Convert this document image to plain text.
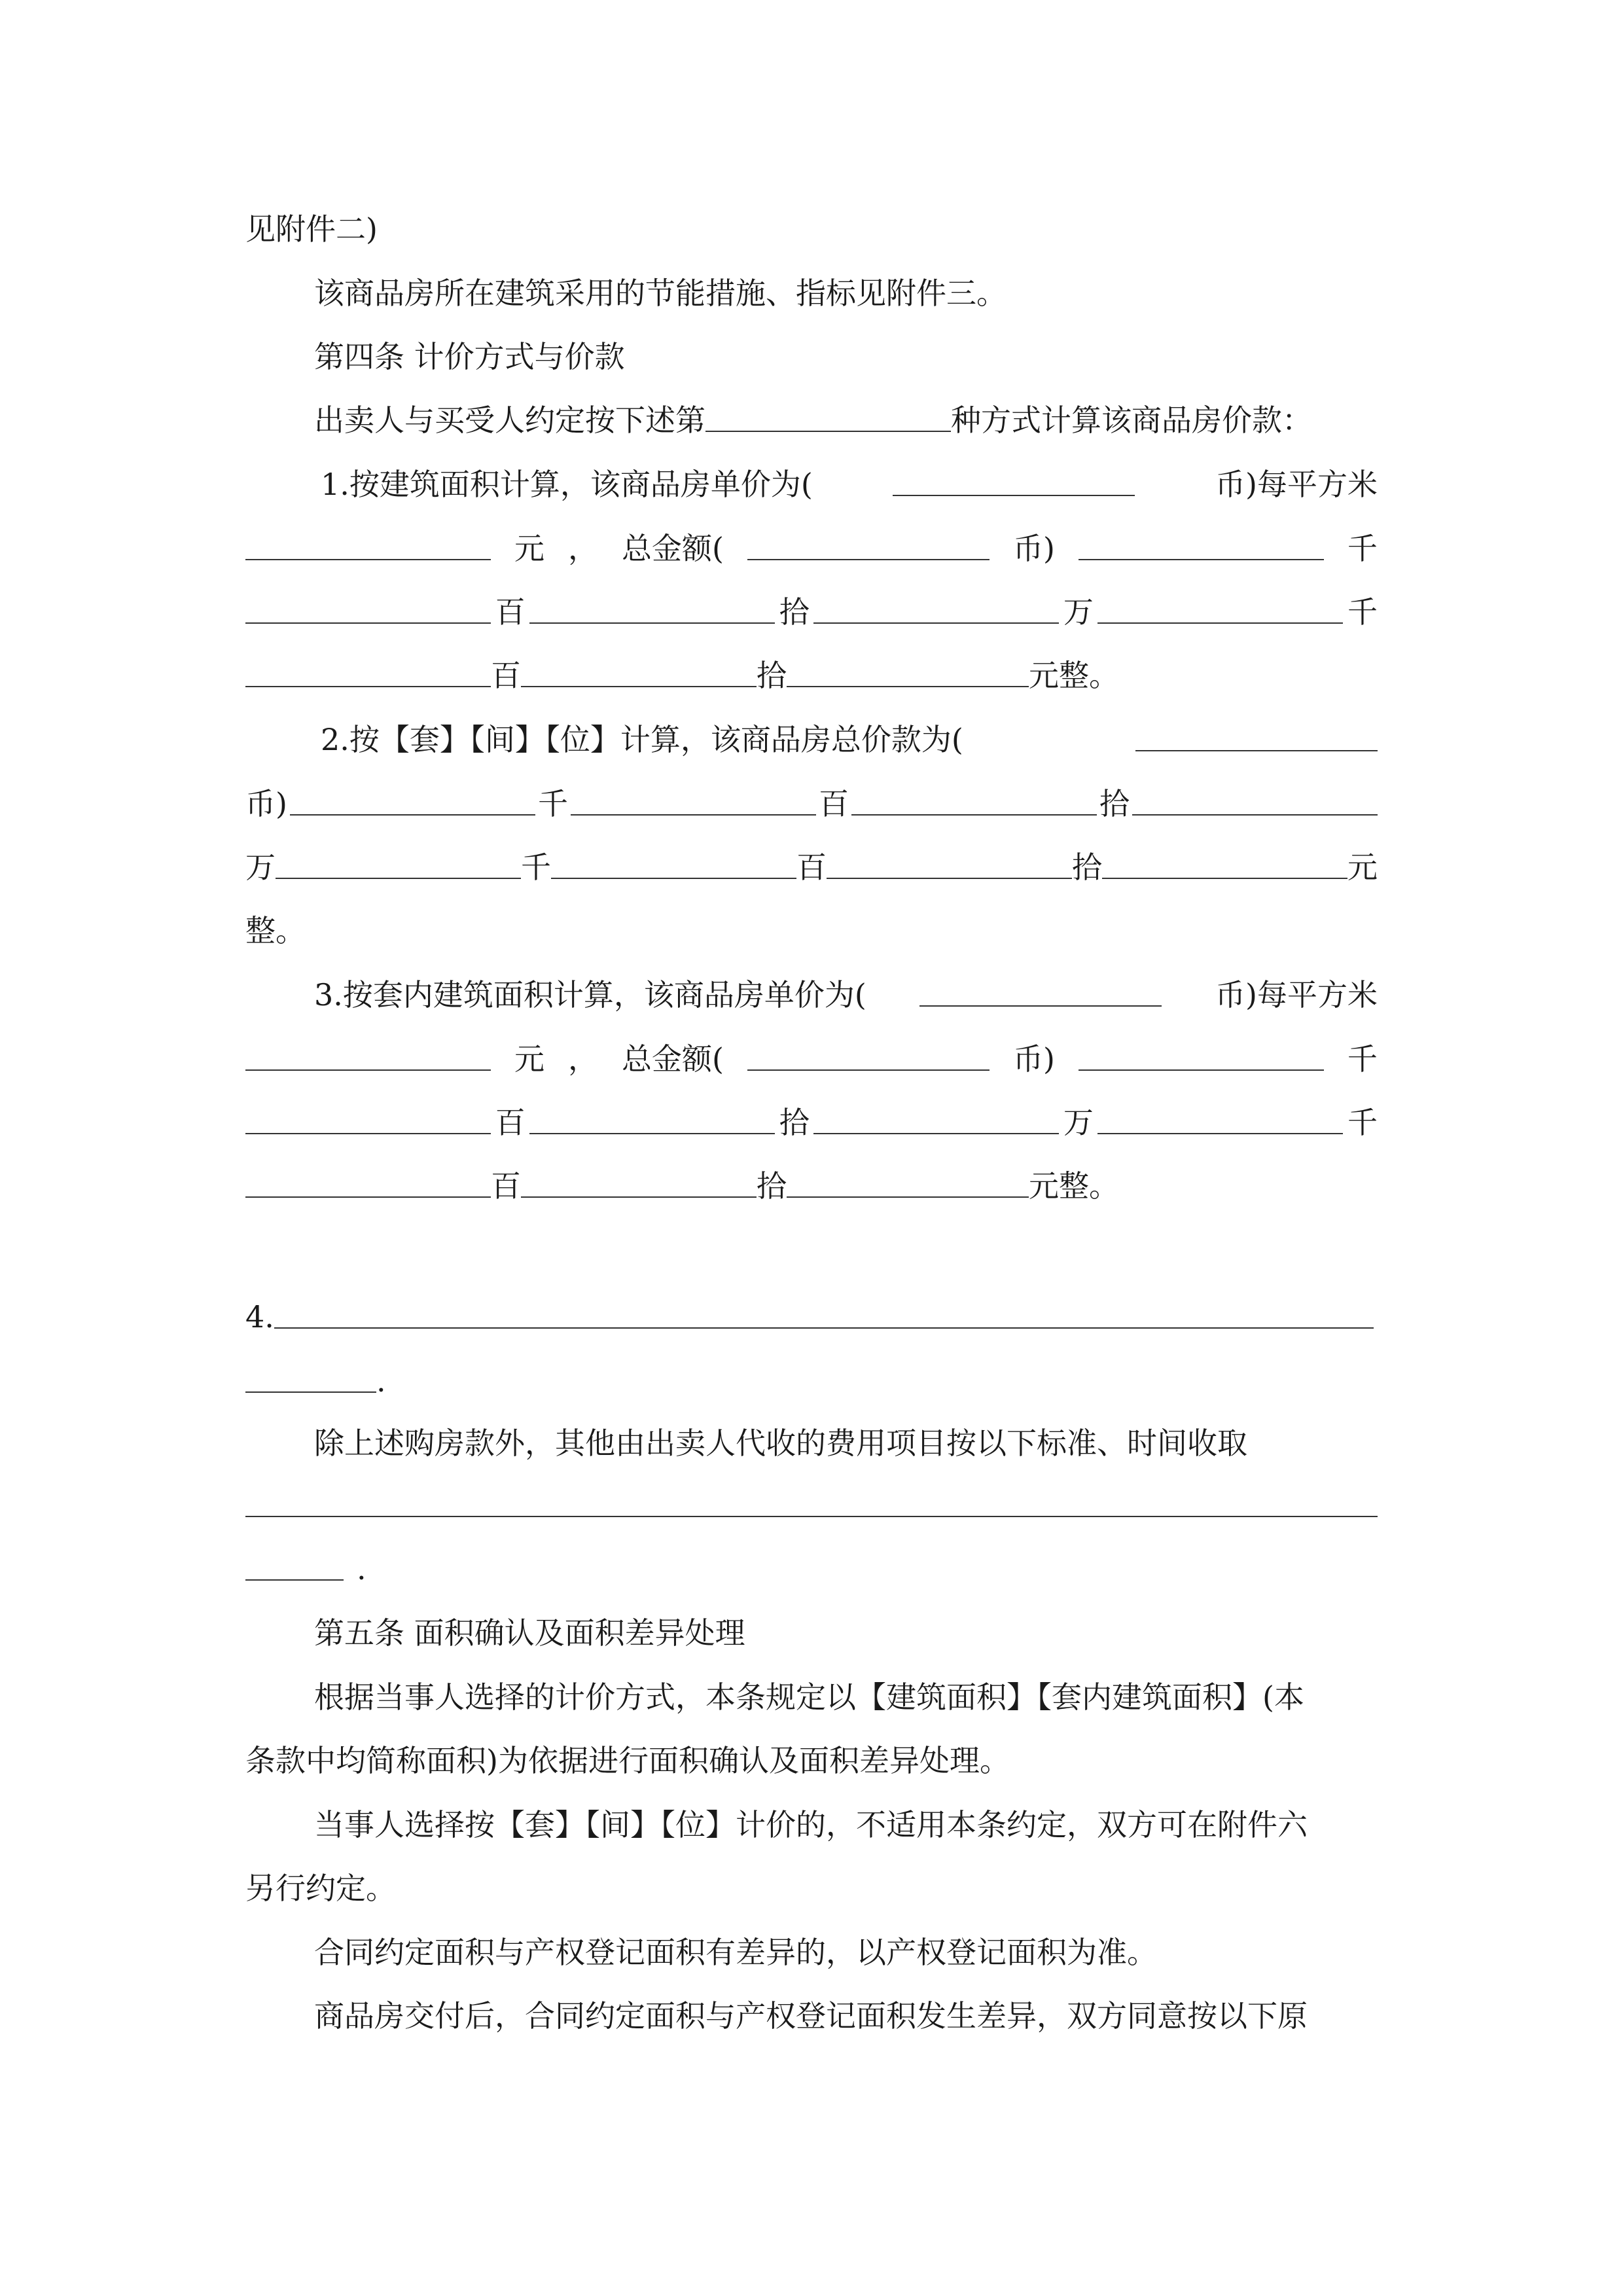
见附件二)
该商品房所在建筑采用的节能措施、指标见附件三。
第四条 计价方式与价款
出卖人与买受人约定按下述第	种方式计算该商品房价款：
1.按建筑面积计算，该商品房单价为(	币)每平方米
元 ， 总金额(	币)	千
百	拾	万	千
百	拾	元整。
2.按【套】【间】【位】计算，该商品房总价款为(
币)	千	百	拾
万	千	百	拾	元
整。
3.按套内建筑面积计算，该商品房单价为(	币)每平方米
元 ， 总金额(	币)	千
百	拾	万	千
百	拾	元整。
4.
.
除上述购房款外，其他由出卖人代收的费用项目按以下标准、时间收取
.
第五条 面积确认及面积差异处理
根据当事人选择的计价方式，本条规定以【建筑面积】【套内建筑面积】(本
条款中均简称面积)为依据进行面积确认及面积差异处理。
当事人选择按【套】【间】【位】计价的，不适用本条约定，双方可在附件六
另行约定。
合同约定面积与产权登记面积有差异的，以产权登记面积为准。
商品房交付后，合同约定面积与产权登记面积发生差异，双方同意按以下原
